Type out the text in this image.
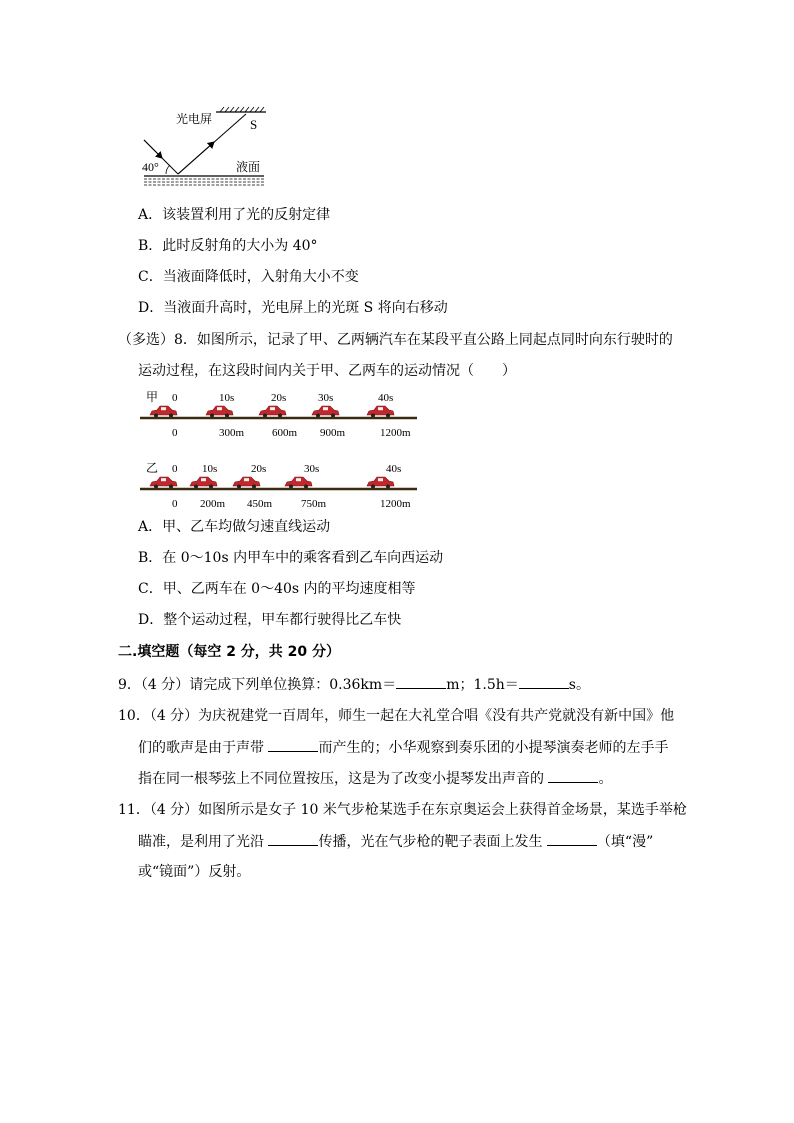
光电屏	S
40°	液面
A．该装置利用了光的反射定律
B．此时反射角的大小为 40°
C．当液面降低时，入射角大小不变
D．当液面升高时，光电屏上的光斑 S 将向右移动
（多选）8．如图所示，记录了甲、乙两辆汽车在某段平直公路上同起点同时向东行驶时的
运动过程，在这段时间内关于甲、乙两车的运动情况（　　）
甲 0	10s	20s	30s	40s
0	300m	600m 900m	1200m
乙 0 10s	20s	30s	40s
0 200m 450m	750m	1200m
A．甲、乙车均做匀速直线运动
B．在 0～10s 内甲车中的乘客看到乙车向西运动
C．甲、乙两车在 0～40s 内的平均速度相等
D．整个运动过程，甲车都行驶得比乙车快
二.填空题（每空 2 分，共 20 分）
9．（4 分）请完成下列单位换算：0.36km＝	m；1.5h＝	s。
10．（4 分）为庆祝建党一百周年，师生一起在大礼堂合唱《没有共产党就没有新中国》他
们的歌声是由于声带	而产生的；小华观察到奏乐团的小提琴演奏老师的左手手
指在同一根琴弦上不同位置按压，这是为了改变小提琴发出声音的	。
11．（4 分）如图所示是女子 10 米气步枪某选手在东京奥运会上获得首金场景，某选手举枪
瞄准，是利用了光沿	传播，光在气步枪的靶子表面上发生	（填“漫”
或“镜面”）反射。
